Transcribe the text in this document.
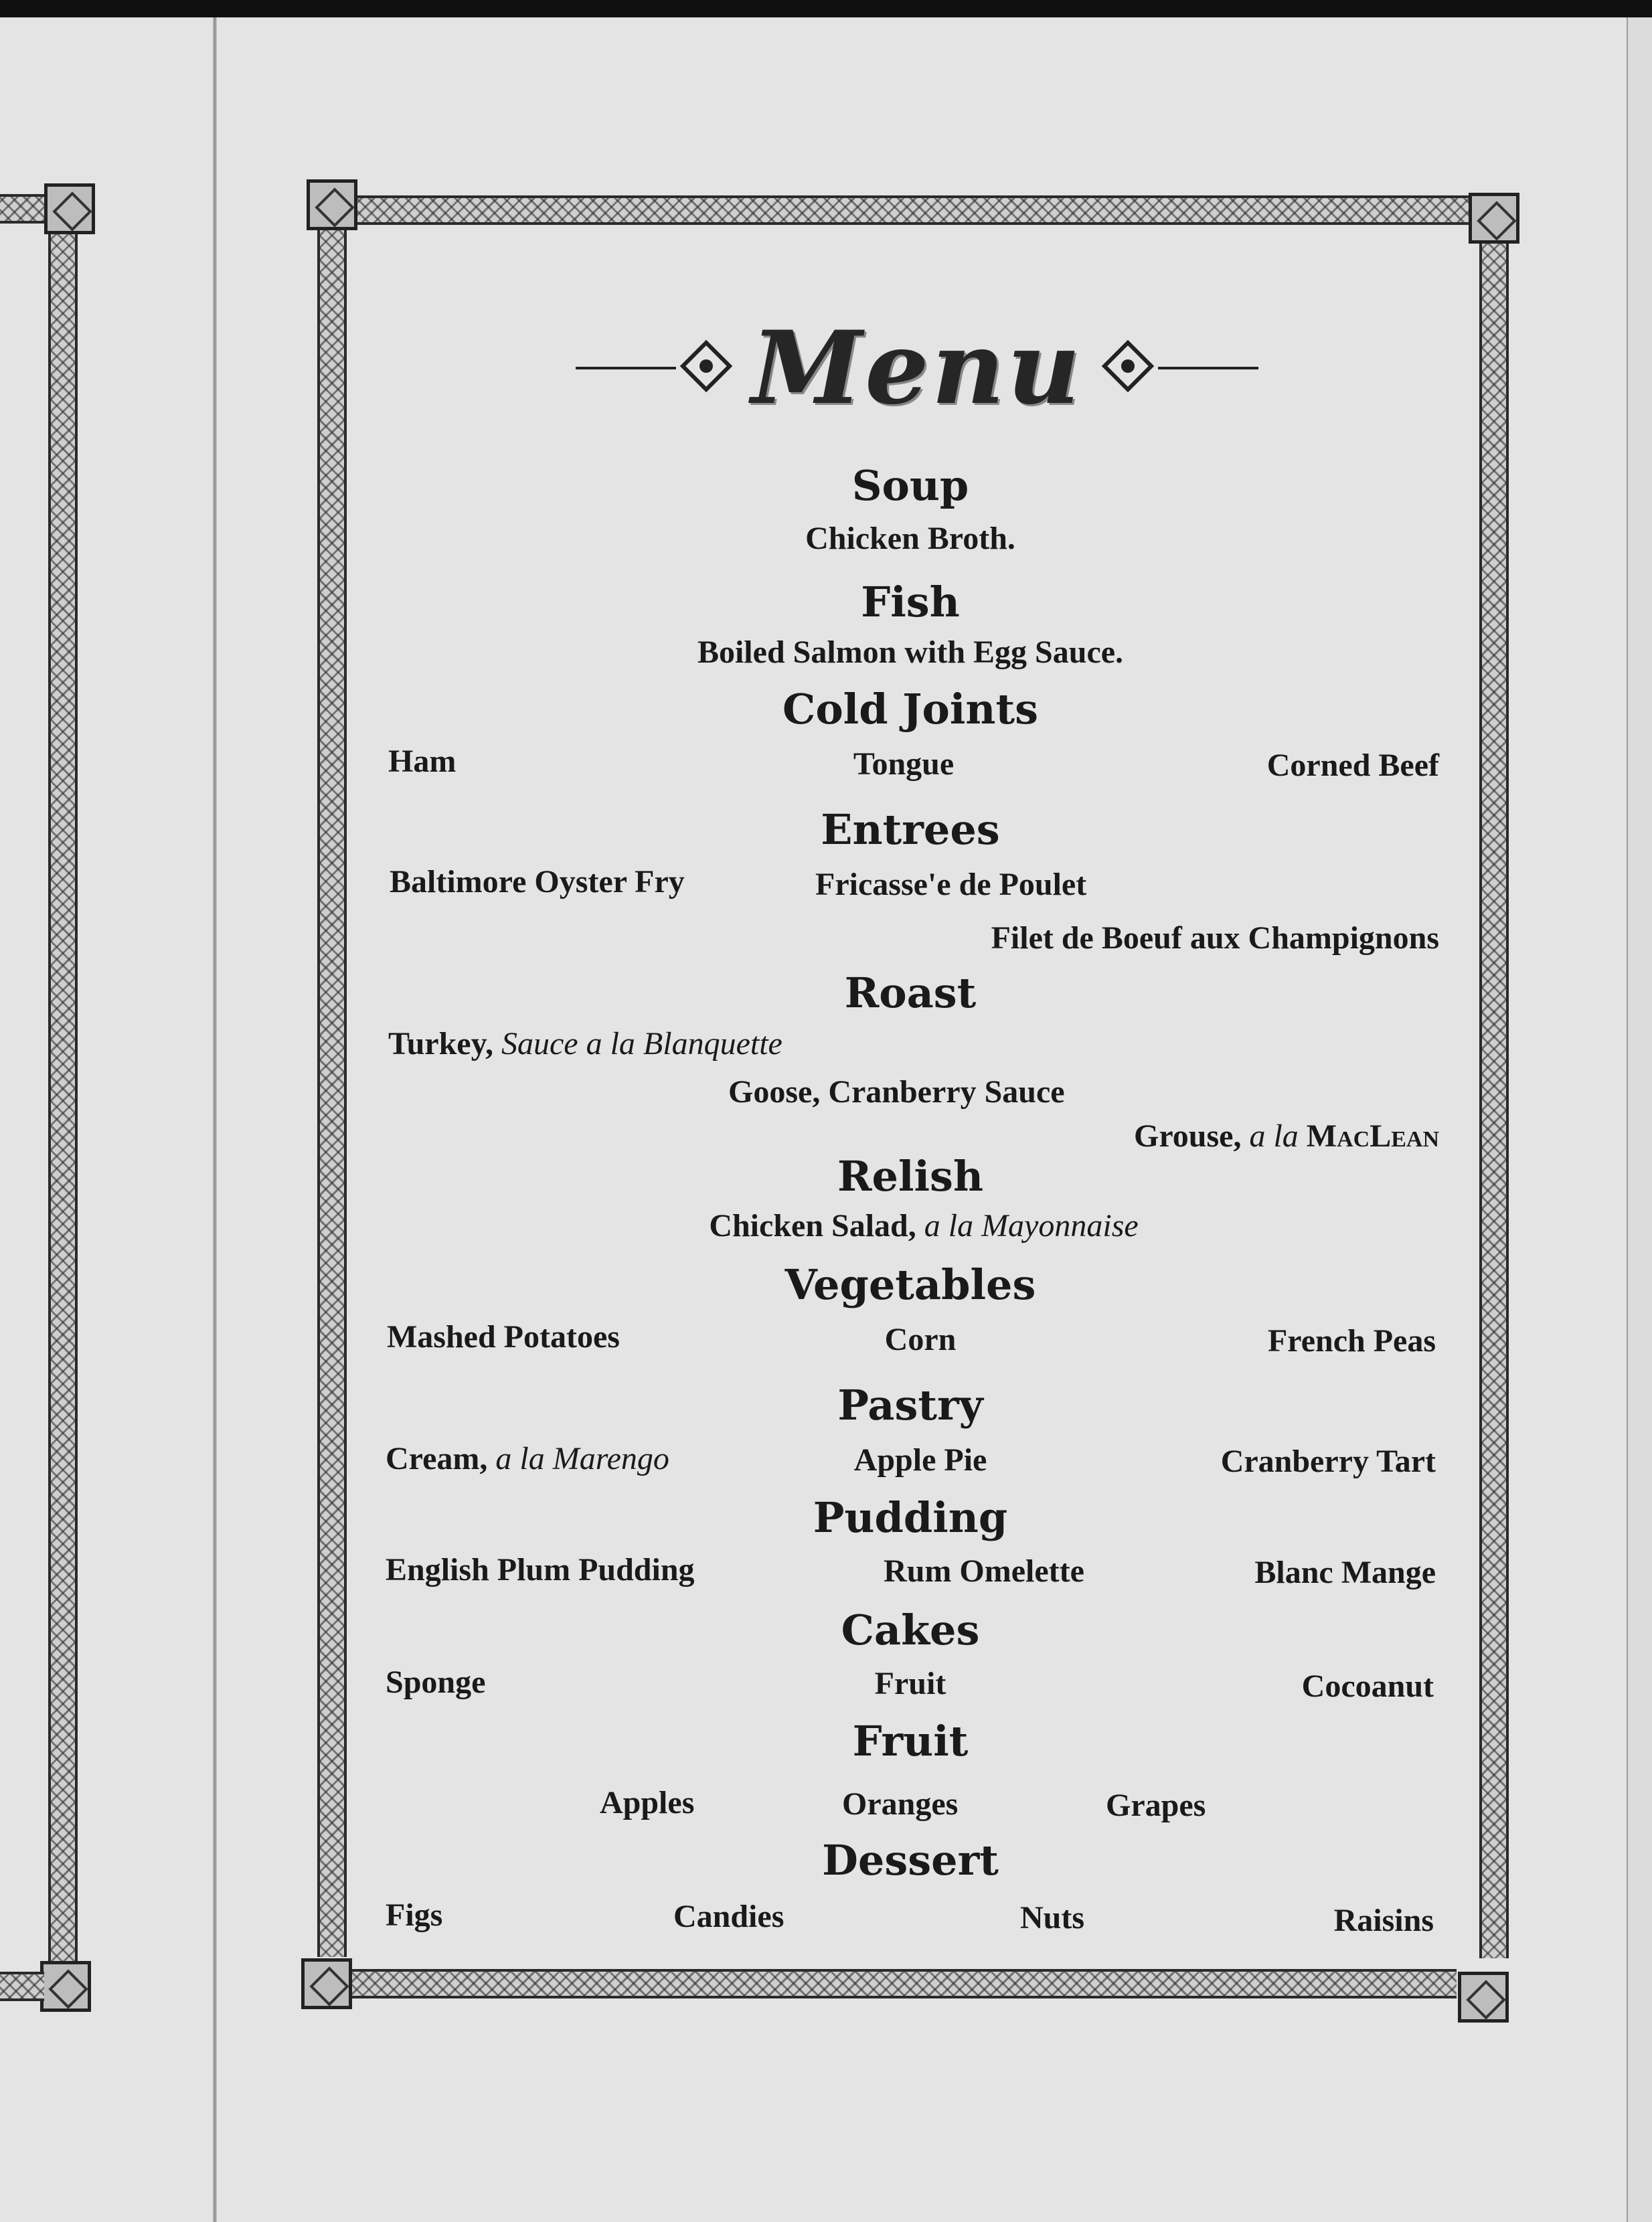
Menu
Soup
Chicken Broth.
Fish
Boiled Salmon with Egg Sauce.
Cold Joints
Ham	Tongue	Corned Beef
Entrees
Baltimore Oyster Fry	Fricasse'e de Poulet
Filet de Boeuf aux Champignons
Roast
Turkey, Sauce a la Blanquette
Goose, Cranberry Sauce
Grouse, a la MacLean
Relish
Chicken Salad, a la Mayonnaise
Vegetables
Mashed Potatoes	Corn	French Peas
Pastry
Cream, a la Marengo	Apple Pie	Cranberry Tart
Pudding
English Plum Pudding	Rum Omelette	Blanc Mange
Cakes
Sponge	Fruit	Cocoanut
Fruit
Apples	Oranges	Grapes
Dessert
Figs	Candies	Nuts	Raisins
